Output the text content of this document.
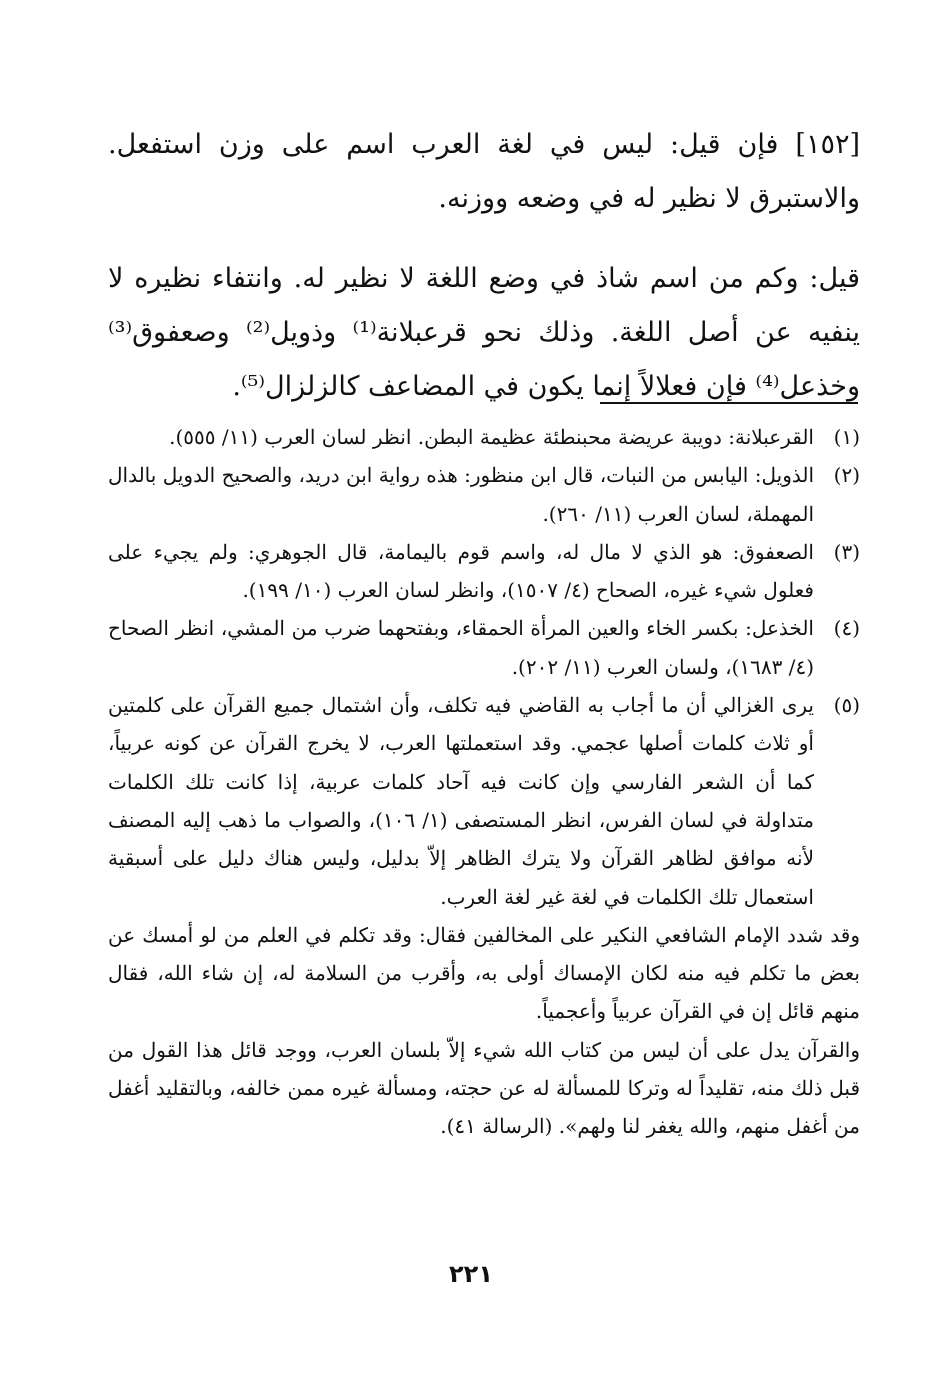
[١٥٢] فإن قيل: ليس في لغة العرب اسم على وزن استفعل. والاستبرق لا نظير له في وضعه ووزنه.

قيل: وكم من اسم شاذ في وضع اللغة لا نظير له. وانتفاء نظيره لا ينفيه عن أصل اللغة. وذلك نحو قرعبلانة⁽¹⁾ وذويل⁽²⁾ وصعفوق⁽³⁾ وخذعل⁽⁴⁾ فإن فعلالاً إنما يكون في المضاعف كالزلزال⁽⁵⁾.

(١)
القرعبلانة: دويبة عريضة محبنطئة عظيمة البطن. انظر لسان العرب (١١/ ٥٥٥).
(٢)
الذويل: اليابس من النبات، قال ابن منظور: هذه رواية ابن دريد، والصحيح الدويل بالدال المهملة، لسان العرب (١١/ ٢٦٠).
(٣)
الصعفوق: هو الذي لا مال له، واسم قوم باليمامة، قال الجوهري: ولم يجيء على فعلول شيء غيره، الصحاح (٤/ ١٥٠٧)، وانظر لسان العرب (١٠/ ١٩٩).
(٤)
الخذعل: بكسر الخاء والعين المرأة الحمقاء، وبفتحهما ضرب من المشي، انظر الصحاح (٤/ ١٦٨٣)، ولسان العرب (١١/ ٢٠٢).
(٥)
يرى الغزالي أن ما أجاب به القاضي فيه تكلف، وأن اشتمال جميع القرآن على كلمتين أو ثلاث كلمات أصلها عجمي. وقد استعملتها العرب، لا يخرج القرآن عن كونه عربياً، كما أن الشعر الفارسي وإن كانت فيه آحاد كلمات عربية، إذا كانت تلك الكلمات متداولة في لسان الفرس، انظر المستصفى (١/ ١٠٦)، والصواب ما ذهب إليه المصنف لأنه موافق لظاهر القرآن ولا يترك الظاهر إلاّ بدليل، وليس هناك دليل على أسبقية استعمال تلك الكلمات في لغة غير لغة العرب.

وقد شدد الإمام الشافعي النكير على المخالفين فقال: وقد تكلم في العلم من لو أمسك عن بعض ما تكلم فيه منه لكان الإمساك أولى به، وأقرب من السلامة له، إن شاء الله، فقال منهم قائل إن في القرآن عربياً وأعجمياً.

والقرآن يدل على أن ليس من كتاب الله شيء إلاّ بلسان العرب، ووجد قائل هذا القول من قبل ذلك منه، تقليداً له وتركا للمسألة له عن حجته، ومسألة غيره ممن خالفه، وبالتقليد أغفل من أغفل منهم، والله يغفر لنا ولهم». (الرسالة ٤١).

٢٢١
